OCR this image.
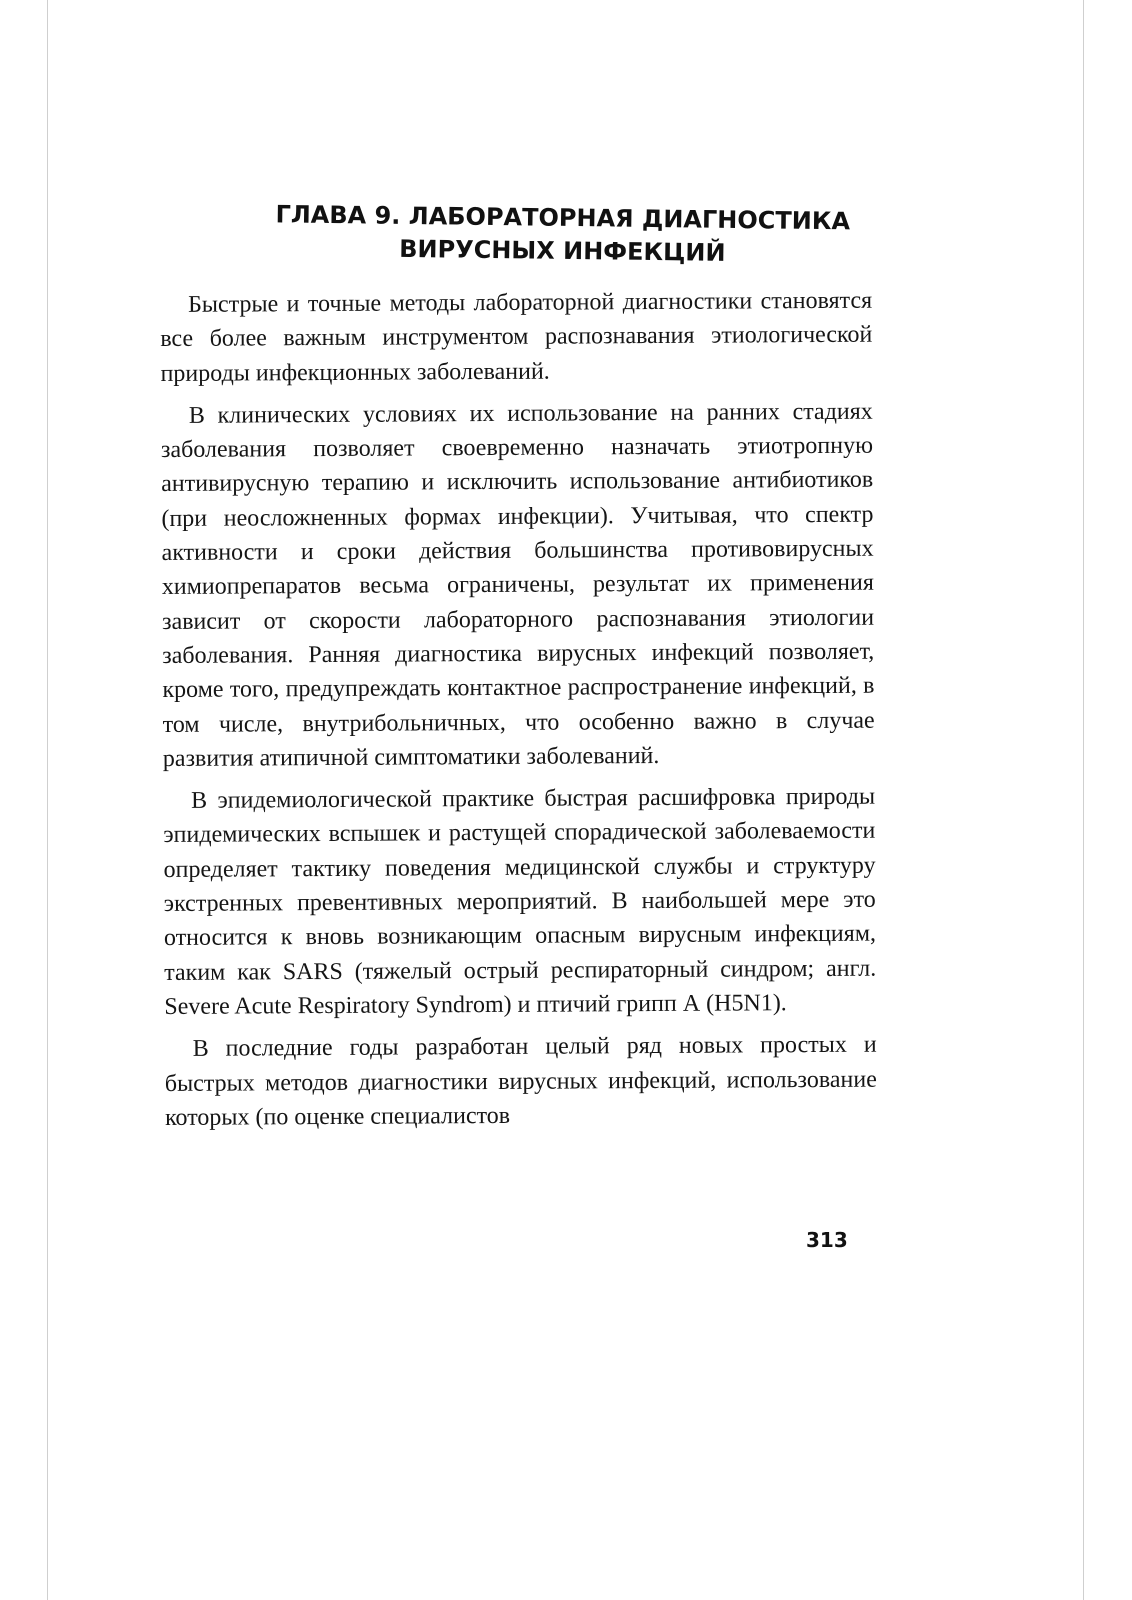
ГЛАВА 9. ЛАБОРАТОРНАЯ ДИАГНОСТИКА
ВИРУСНЫХ ИНФЕКЦИЙ

Быстрые и точные методы лабораторной диагностики становятся все более важным инструментом распознавания этиологической природы инфекционных заболеваний.

В клинических условиях их использование на ранних стадиях заболевания позволяет своевременно назначать этиотропную антивирусную терапию и исключить использование антибиотиков (при неосложненных формах инфекции). Учитывая, что спектр активности и сроки действия большинства противовирусных химиопрепаратов весьма ограничены, результат их применения зависит от скорости лабораторного распознавания этиологии заболевания. Ранняя диагностика вирусных инфекций позволяет, кроме того, предупреждать контактное распространение инфекций, в том числе, внутрибольничных, что особенно важно в случае развития атипичной симптоматики заболеваний.

В эпидемиологической практике быстрая расшифровка природы эпидемических вспышек и растущей спорадической заболеваемости определяет тактику поведения медицинской службы и структуру экстренных превентивных мероприятий. В наибольшей мере это относится к вновь возникающим опасным вирусным инфекциям, таким как SARS (тяжелый острый респираторный синдром; англ. Severe Acute Respiratory Syndrom) и птичий грипп А (H5N1).

В последние годы разработан целый ряд новых простых и быстрых методов диагностики вирусных инфекций, использование которых (по оценке специалистов

313
